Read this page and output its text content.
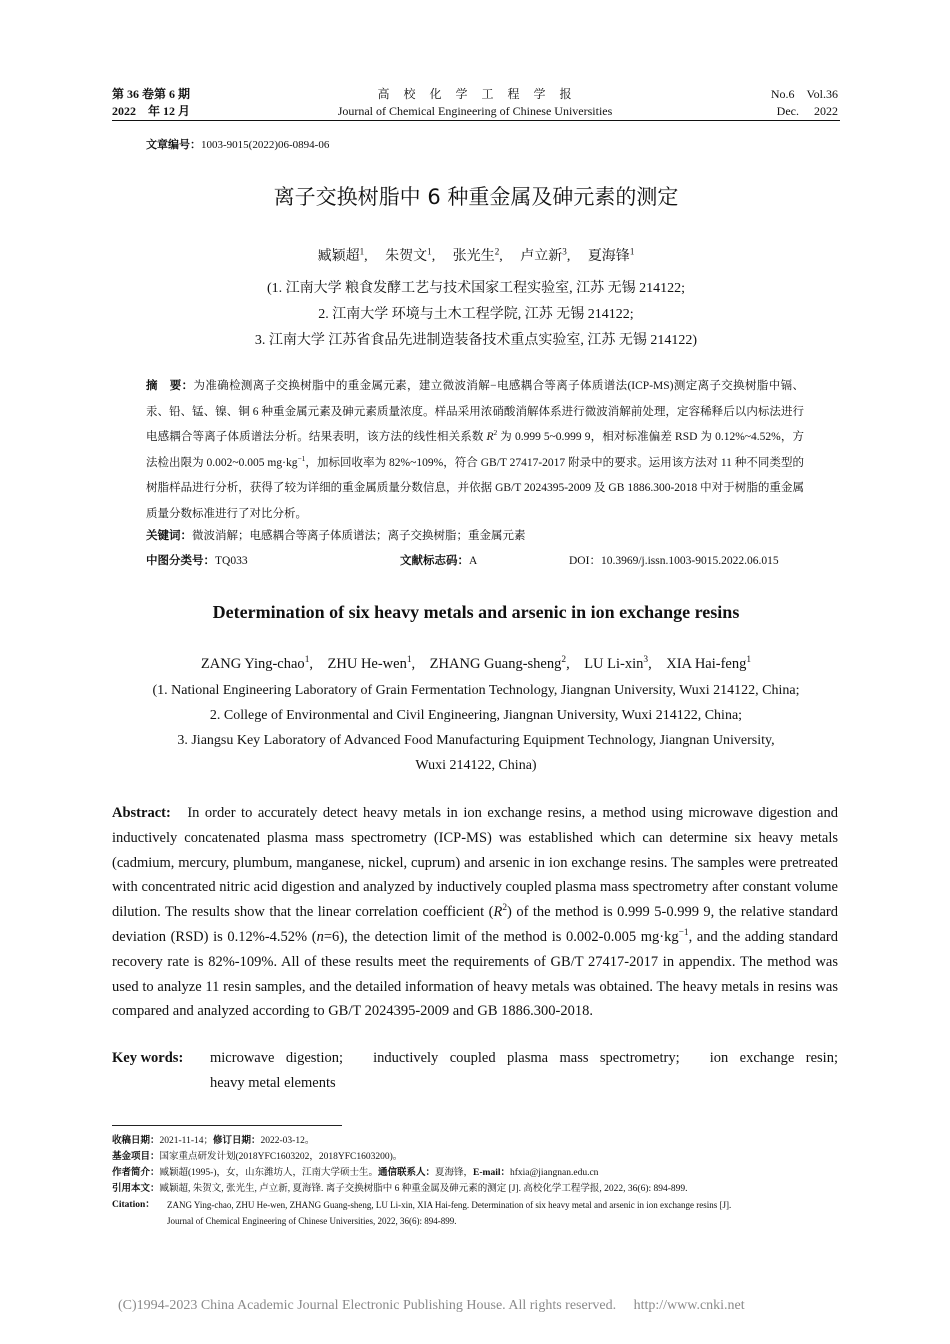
第 36 卷第 6 期
2022　年 12 月
高　校　化　学　工　程　学　报
Journal of Chemical Engineering of Chinese Universities
No.6　Vol.36
Dec.　 2022
文章编号：1003-9015(2022)06-0894-06
离子交换树脂中 6 种重金属及砷元素的测定
臧颖超$^1$,　 朱贺文$^1$,　 张光生$^2$,　 卢立新$^3$,　 夏海锋$^1$
(1. 江南大学 粮食发酵工艺与技术国家工程实验室, 江苏 无锡 214122;
2. 江南大学 环境与土木工程学院, 江苏 无锡 214122;
3. 江南大学 江苏省食品先进制造装备技术重点实验室, 江苏 无锡 214122)
摘　要：为准确检测离子交换树脂中的重金属元素，建立微波消解−电感耦合等离子体质谱法(ICP-MS)测定离子交换树脂中镉、汞、铅、锰、镍、铜 6 种重金属元素及砷元素质量浓度。样品采用浓硝酸消解体系进行微波消解前处理，定容稀释后以内标法进行电感耦合等离子体质谱法分析。结果表明，该方法的线性相关系数 $R^2$ 为 0.999 5~0.999 9，相对标准偏差 RSD 为 0.12%~4.52%，方法检出限为 0.002~0.005 $mg\cdot kg^{-1}$，加标回收率为 82%~109%，符合 GB/T 27417-2017 附录中的要求。运用该方法对 11 种不同类型的树脂样品进行分析，获得了较为详细的重金属质量分数信息，并依据 GB/T 2024395-2009 及 GB 1886.300-2018 中对于树脂的重金属质量分数标准进行了对比分析。
关键词：微波消解；电感耦合等离子体质谱法；离子交换树脂；重金属元素
中图分类号：TQ033	文献标志码：A	DOI：10.3969/j.issn.1003-9015.2022.06.015
Determination of six heavy metals and arsenic in ion exchange resins
ZANG Ying-chao$^1$,    ZHU He-wen$^1$,    ZHANG Guang-sheng$^2$,    LU Li-xin$^3$,    XIA Hai-feng$^1$
(1. National Engineering Laboratory of Grain Fermentation Technology, Jiangnan University, Wuxi 214122, China;
2. College of Environmental and Civil Engineering, Jiangnan University, Wuxi 214122, China;
3. Jiangsu Key Laboratory of Advanced Food Manufacturing Equipment Technology, Jiangnan University,
Wuxi 214122, China)
Abstract: In order to accurately detect heavy metals in ion exchange resins, a method using microwave digestion and inductively concatenated plasma mass spectrometry (ICP-MS) was established which can determine six heavy metals (cadmium, mercury, plumbum, manganese, nickel, cuprum) and arsenic in ion exchange resins. The samples were pretreated with concentrated nitric acid digestion and analyzed by inductively coupled plasma mass spectrometry after constant volume dilution. The results show that the linear correlation coefficient $(R^2)$ of the method is 0.999 5-0.999 9, the relative standard deviation (RSD) is 0.12%-4.52% (n=6), the detection limit of the method is 0.002-0.005 $mg\cdot kg^{-1}$, and the adding standard recovery rate is 82%-109%. All of these results meet the requirements of GB/T 27417-2017 in appendix. The method was used to analyze 11 resin samples, and the detailed information of heavy metals was obtained. The heavy metals in resins was compared and analyzed according to GB/T 2024395-2009 and GB 1886.300-2018.
Key words:	microwave digestion;　inductively coupled plasma mass spectrometry;　ion exchange resin;
heavy metal elements
收稿日期：2021-11-14；修订日期：2022-03-12。
基金项目：国家重点研发计划(2018YFC1603202，2018YFC1603200)。
作者简介：臧颖超(1995-)，女，山东潍坊人，江南大学硕士生。通信联系人：夏海锋，E-mail：hfxia@jiangnan.edu.cn
引用本文： 臧颖超, 朱贺文, 张光生, 卢立新, 夏海锋. 离子交换树脂中 6 种重金属及砷元素的测定 [J]. 高校化学工程学报, 2022, 36(6): 894-899.
Citation：	ZANG Ying-chao, ZHU He-wen, ZHANG Guang-sheng, LU Li-xin, XIA Hai-feng. Determination of six heavy metal and arsenic in ion exchange resins [J].
Journal of Chemical Engineering of Chinese Universities, 2022, 36(6): 894-899.
(C)1994-2023 China Academic Journal Electronic Publishing House. All rights reserved.　 http://www.cnki.net
